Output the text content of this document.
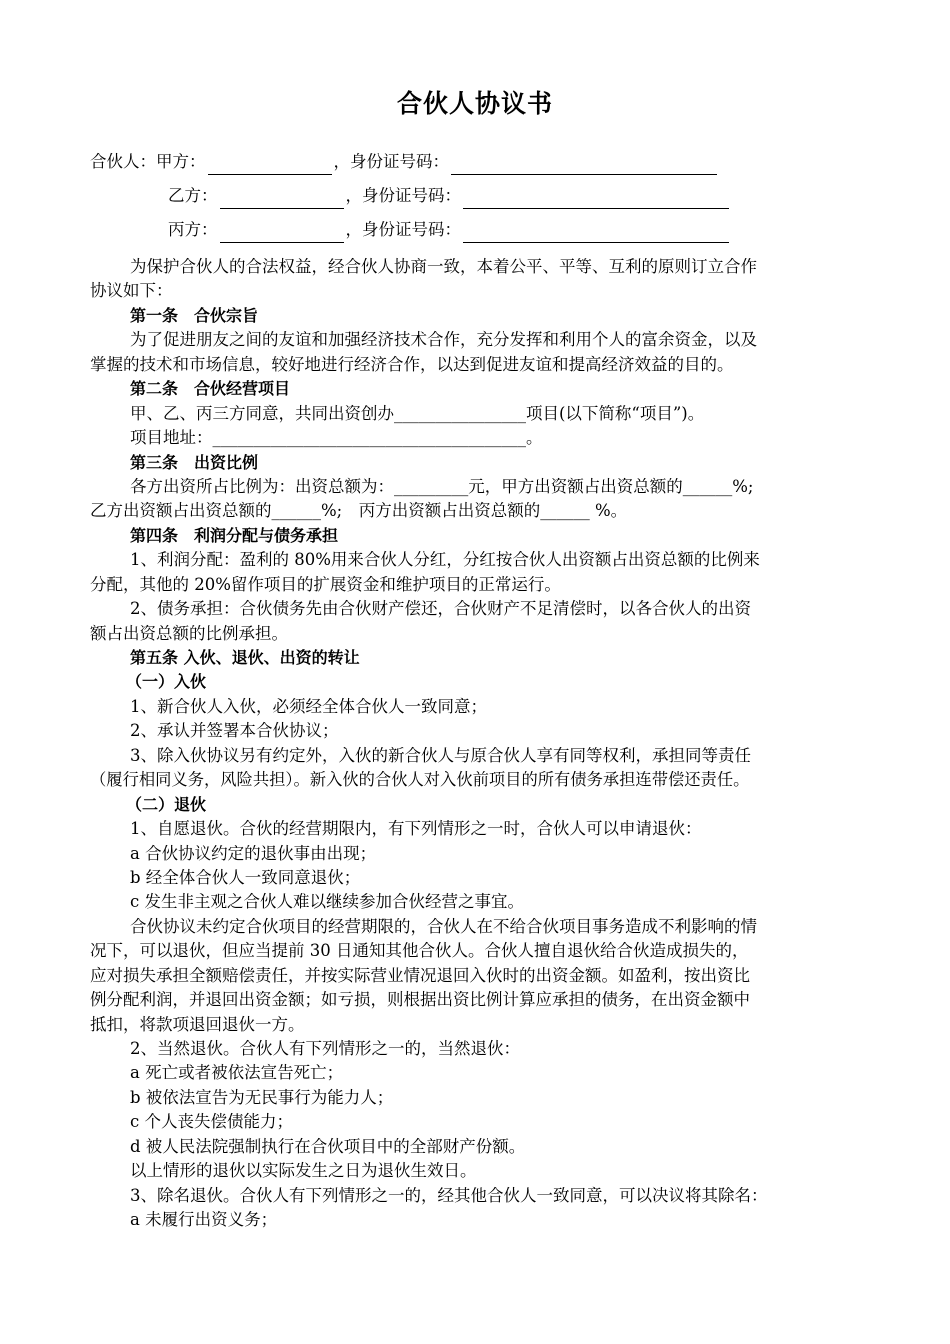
合伙人协议书
合伙人： 甲方：	，身份证号码：
乙方：	，身份证号码：
丙方：	，身份证号码：
为保护合伙人的合法权益，经合伙人协商一致，本着公平、平等、互利的原则订立合作
协议如下：
第一条　合伙宗旨
为了促进朋友之间的友谊和加强经济技术合作，充分发挥和利用个人的富余资金，以及
掌握的技术和市场信息，较好地进行经济合作，以达到促进友谊和提高经济效益的目的。
第二条　合伙经营项目
甲、乙、丙三方同意，共同出资创办________________项目(以下简称“项目”)。
项目地址：______________________________________。
第三条　出资比例
各方出资所占比例为：出资总额为：_________元，甲方出资额占出资总额的______%;
乙方出资额占出资总额的______%;　丙方出资额占出资总额的______ %。
第四条　利润分配与债务承担
1、利润分配：盈利的 80%用来合伙人分红，分红按合伙人出资额占出资总额的比例来
分配，其他的 20%留作项目的扩展资金和维护项目的正常运行。
2、债务承担：合伙债务先由合伙财产偿还，合伙财产不足清偿时，以各合伙人的出资
额占出资总额的比例承担。
第五条 入伙、退伙、出资的转让
（一）入伙
1、新合伙人入伙，必须经全体合伙人一致同意；
2、承认并签署本合伙协议；
3、除入伙协议另有约定外，入伙的新合伙人与原合伙人享有同等权利，承担同等责任
（履行相同义务，风险共担）。新入伙的合伙人对入伙前项目的所有债务承担连带偿还责任。
（二）退伙
1、自愿退伙。合伙的经营期限内，有下列情形之一时，合伙人可以申请退伙：
a 合伙协议约定的退伙事由出现；
b 经全体合伙人一致同意退伙；
c 发生非主观之合伙人难以继续参加合伙经营之事宜。
合伙协议未约定合伙项目的经营期限的，合伙人在不给合伙项目事务造成不利影响的情
况下，可以退伙，但应当提前 30 日通知其他合伙人。合伙人擅自退伙给合伙造成损失的，
应对损失承担全额赔偿责任，并按实际营业情况退回入伙时的出资金额。如盈利，按出资比
例分配利润，并退回出资金额；如亏损，则根据出资比例计算应承担的债务，在出资金额中
抵扣，将款项退回退伙一方。
2、当然退伙。合伙人有下列情形之一的，当然退伙：
a 死亡或者被依法宣告死亡；
b 被依法宣告为无民事行为能力人；
c 个人丧失偿债能力；
d 被人民法院强制执行在合伙项目中的全部财产份额。
以上情形的退伙以实际发生之日为退伙生效日。
3、除名退伙。合伙人有下列情形之一的，经其他合伙人一致同意，可以决议将其除名：
a 未履行出资义务；
